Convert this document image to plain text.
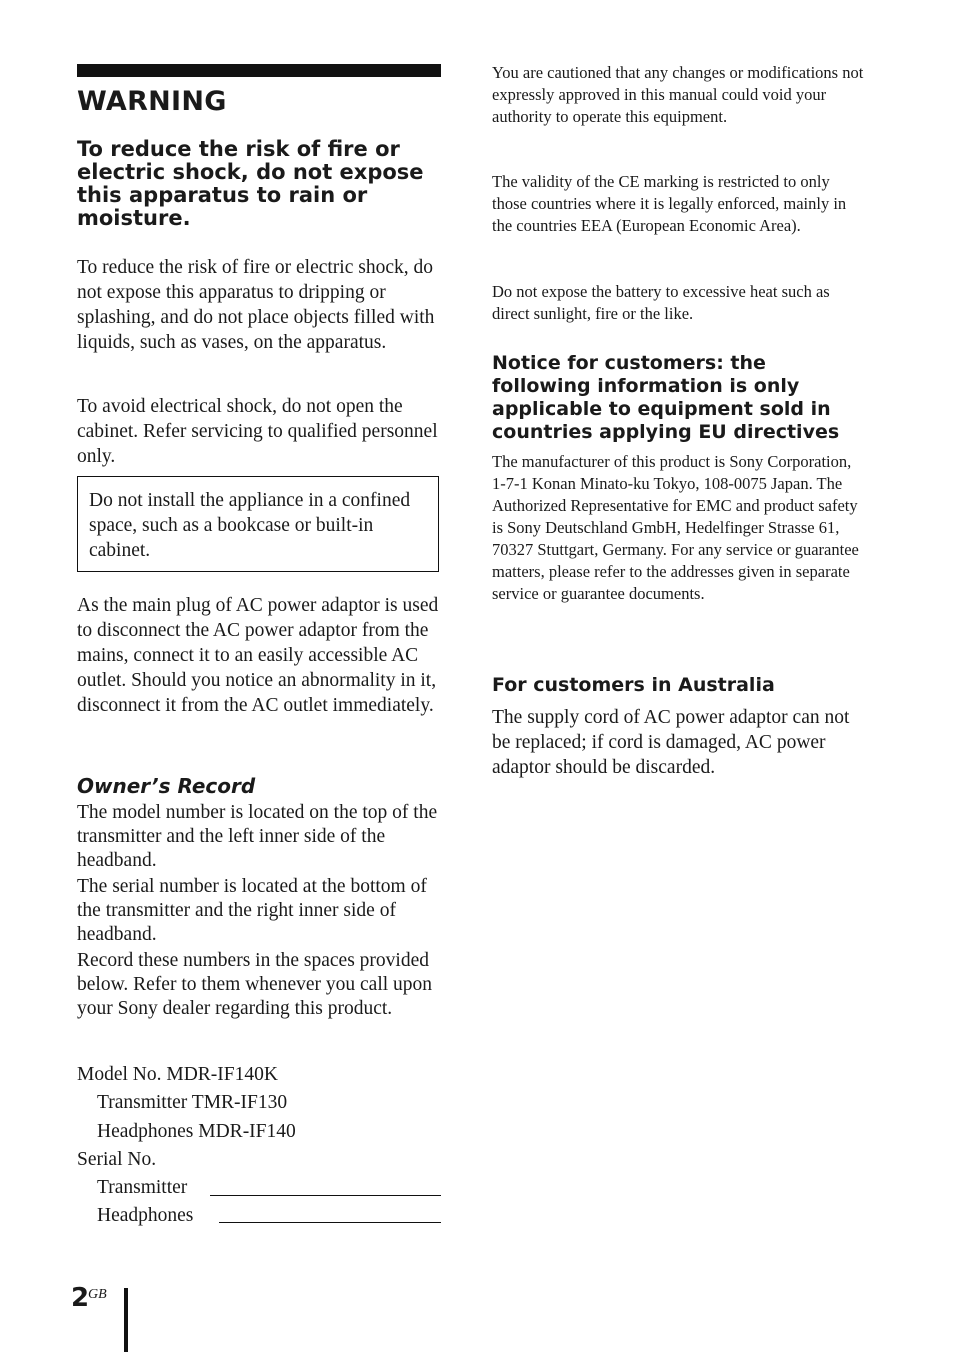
WARNING
To reduce the risk of fire or electric shock, do not expose this apparatus to rain or moisture.
To reduce the risk of fire or electric shock, do not expose this apparatus to dripping or splashing, and do not place objects filled with liquids, such as vases, on the apparatus.
To avoid electrical shock, do not open the cabinet. Refer servicing to qualified personnel only.
Do not install the appliance in a confined space, such as a bookcase or built-in cabinet.
As the main plug of AC power adaptor is used to disconnect the AC power adaptor from the mains, connect it to an easily accessible AC outlet. Should you notice an abnormality in it, disconnect it from the AC outlet immediately.
Owner’s Record
The model number is located on the top of the transmitter and the left inner side of the headband.
The serial number is located at the bottom of the transmitter and the right inner side of headband.
Record these numbers in the spaces provided below. Refer to them whenever you call upon your Sony dealer regarding this product.
Model No. MDR-IF140K
Transmitter TMR-IF130
Headphones MDR-IF140
Serial No.
Transmitter
Headphones
2
GB
You are cautioned that any changes or modifications not expressly approved in this manual could void your authority to operate this equipment.
The validity of the CE marking is restricted to only those countries where it is legally enforced, mainly in the countries EEA (European Economic Area).
Do not expose the battery to excessive heat such as direct sunlight, fire or the like.
Notice for customers: the following information is only applicable to equipment sold in countries applying EU directives
The manufacturer of this product is Sony Corporation, 1-7-1 Konan Minato-ku Tokyo, 108-0075 Japan. The Authorized Representative for EMC and product safety is Sony Deutschland GmbH, Hedelfinger Strasse 61, 70327 Stuttgart, Germany. For any service or guarantee matters, please refer to the addresses given in separate service or guarantee documents.
For customers in Australia
The supply cord of AC power adaptor can not be replaced; if cord is damaged, AC power adaptor should be discarded.
